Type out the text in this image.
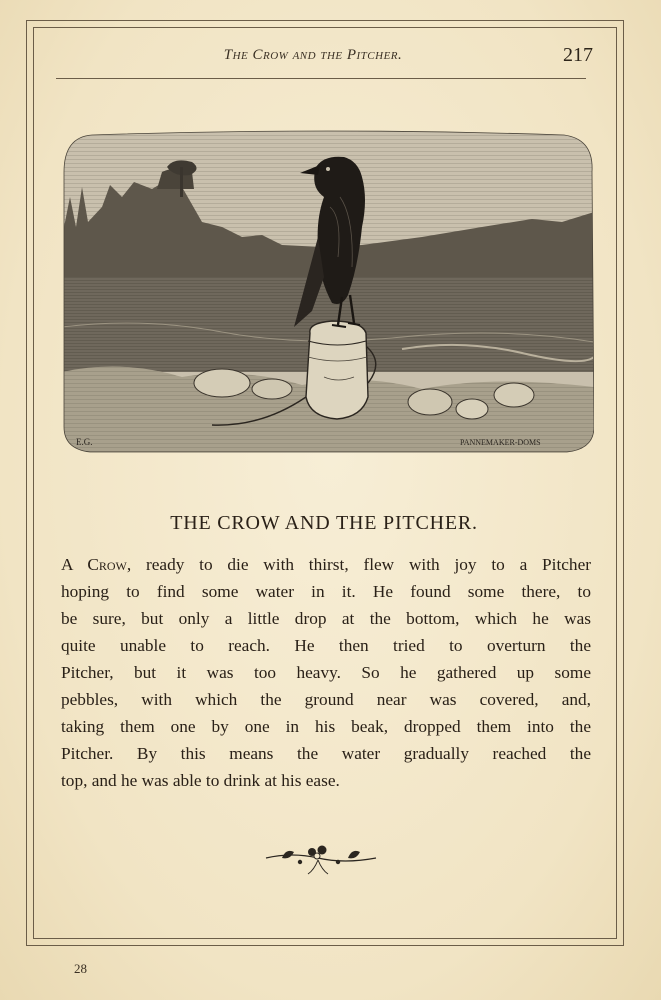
The Crow and the Pitcher.	217
E.G.	PANNEMAKER-DOMS
THE CROW AND THE PITCHER.
A Crow, ready to die with thirst, flew with joy to a Pitcher
hoping to find some water in it. He found some there, to
be sure, but only a little drop at the bottom, which he was
quite unable to reach. He then tried to overturn the
Pitcher, but it was too heavy. So he gathered up some
pebbles, with which the ground near was covered, and,
taking them one by one in his beak, dropped them into the
Pitcher. By this means the water gradually reached the
top, and he was able to drink at his ease.
28
